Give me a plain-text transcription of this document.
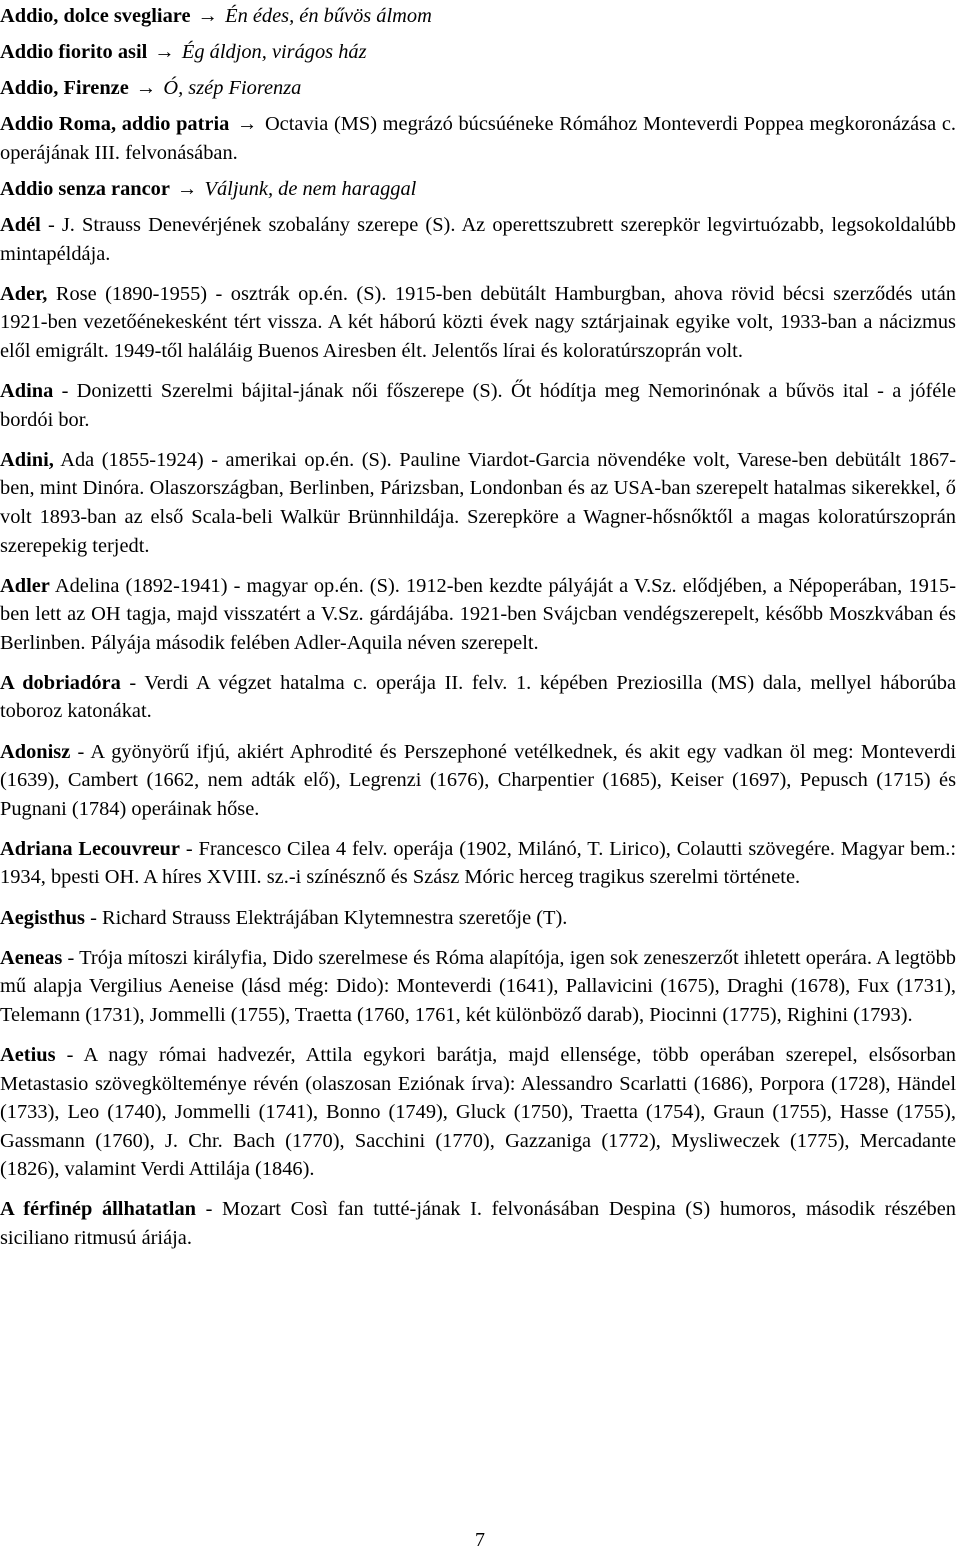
Addio, dolce svegliare → Én édes, én bűvös álmom

Addio fiorito asil → Ég áldjon, virágos ház

Addio, Firenze → Ó, szép Fiorenza

Addio Roma, addio patria → Octavia (MS) megrázó búcsúéneke Rómához Monteverdi Poppea megkoronázása c. operájának III. felvonásában.

Addio senza rancor → Váljunk, de nem haraggal

Adél - J. Strauss Denevérjének szobalány szerepe (S). Az operettszubrett szerepkör legvirtuózabb, legsokoldalúbb mintapéldája.

Ader, Rose (1890-1955) - osztrák op.én. (S). 1915-ben debütált Hamburgban, ahova rövid bécsi szerződés után 1921-ben vezetőénekesként tért vissza. A két háború közti évek nagy sztárjainak egyike volt, 1933-ban a nácizmus elől emigrált. 1949-től haláláig Buenos Airesben élt. Jelentős lírai és koloratúrszoprán volt.

Adina - Donizetti Szerelmi bájital-jának női főszerepe (S). Őt hódítja meg Nemorinónak a bűvös ital - a jóféle bordói bor.

Adini, Ada (1855-1924) - amerikai op.én. (S). Pauline Viardot-Garcia növendéke volt, Varese-ben debütált 1867-ben, mint Dinóra. Olaszországban, Berlinben, Párizsban, Londonban és az USA-ban szerepelt hatalmas sikerekkel, ő volt 1893-ban az első Scala-beli Walkür Brünnhildája. Szerepköre a Wagner-hősnőktől a magas koloratúrszoprán szerepekig terjedt.

Adler Adelina (1892-1941) - magyar op.én. (S). 1912-ben kezdte pályáját a V.Sz. elődjében, a Népoperában, 1915-ben lett az OH tagja, majd visszatért a V.Sz. gárdájába. 1921-ben Svájcban vendégszerepelt, később Moszkvában és Berlinben. Pályája második felében Adler-Aquila néven szerepelt.

A dobriadóra - Verdi A végzet hatalma c. operája II. felv. 1. képében Preziosilla (MS) dala, mellyel háborúba toboroz katonákat.

Adonisz - A gyönyörű ifjú, akiért Aphrodité és Perszephoné vetélkednek, és akit egy vadkan öl meg: Monteverdi (1639), Cambert (1662, nem adták elő), Legrenzi (1676), Charpentier (1685), Keiser (1697), Pepusch (1715) és Pugnani (1784) operáinak hőse.

Adriana Lecouvreur - Francesco Cilea 4 felv. operája (1902, Milánó, T. Lirico), Colautti szövegére. Magyar bem.: 1934, bpesti OH. A híres XVIII. sz.-i színésznő és Szász Móric herceg tragikus szerelmi története.

Aegisthus - Richard Strauss Elektrájában Klytemnestra szeretője (T).

Aeneas - Trója mítoszi királyfia, Dido szerelmese és Róma alapítója, igen sok zeneszerzőt ihletett operára. A legtöbb mű alapja Vergilius Aeneise (lásd még: Dido): Monteverdi (1641), Pallavicini (1675), Draghi (1678), Fux (1731), Telemann (1731), Jommelli (1755), Traetta (1760, 1761, két különböző darab), Piocinni (1775), Righini (1793).

Aetius - A nagy római hadvezér, Attila egykori barátja, majd ellensége, több operában szerepel, elsősorban Metastasio szövegkölteménye révén (olaszosan Eziónak írva): Alessandro Scarlatti (1686), Porpora (1728), Händel (1733), Leo (1740), Jommelli (1741), Bonno (1749), Gluck (1750), Traetta (1754), Graun (1755), Hasse (1755), Gassmann (1760), J. Chr. Bach (1770), Sacchini (1770), Gazzaniga (1772), Mysliweczek (1775), Mercadante (1826), valamint Verdi Attilája (1846).

A férfinép állhatatlan - Mozart Così fan tutté-jának I. felvonásában Despina (S) humoros, második részében siciliano ritmusú áriája.

7
